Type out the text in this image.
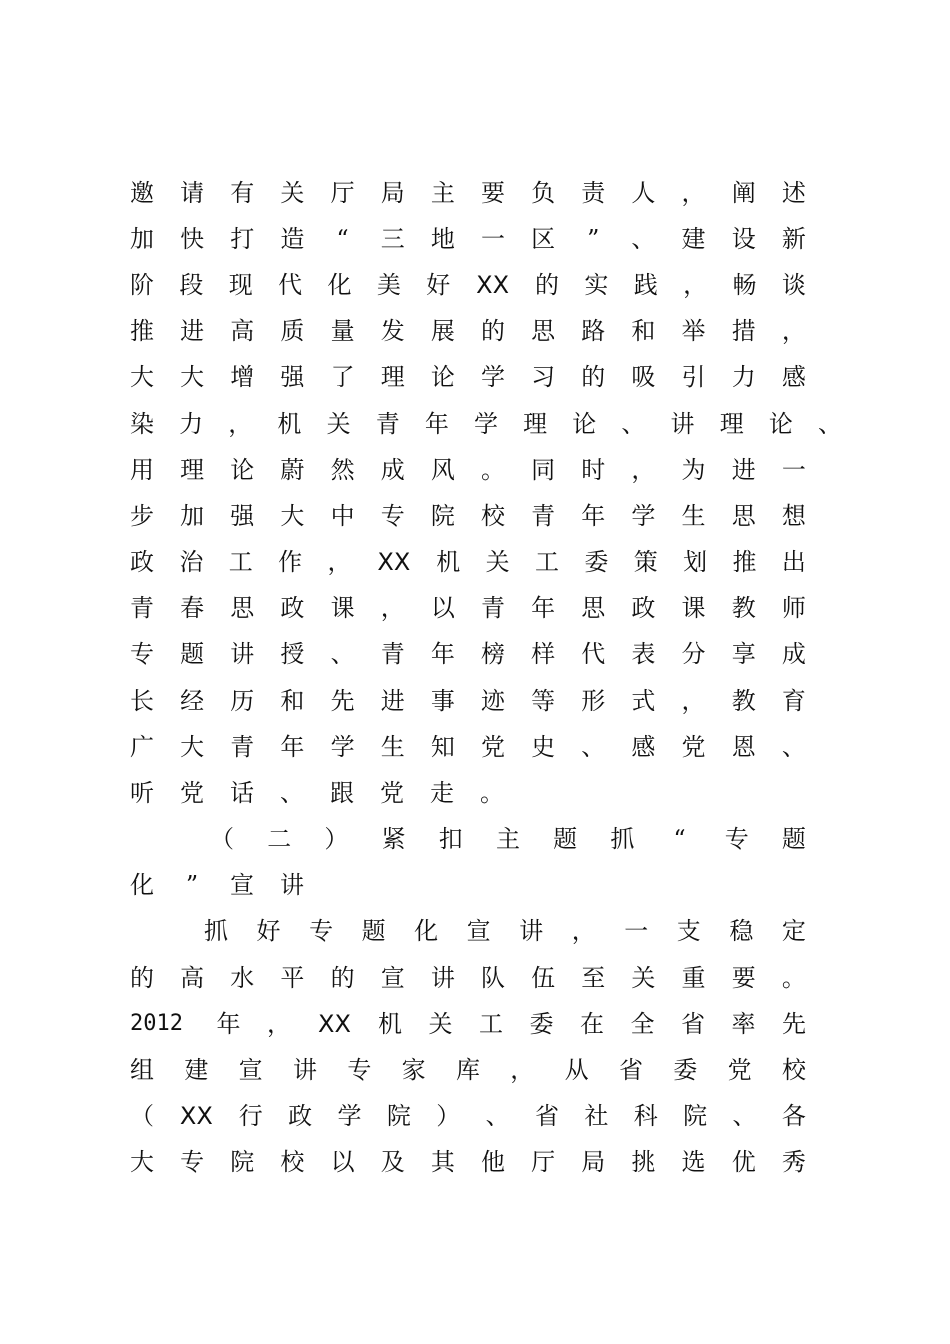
邀 请 有 关 厅 局 主 要 负 责 人 ， 阐 述
加 快 打 造 “ 三 地 一 区 ” 、 建 设 新
阶 段 现 代 化 美 好 XX 的 实 践 ， 畅 谈
推 进 高 质 量 发 展 的 思 路 和 举 措 ，
大 大 增 强 了 理 论 学 习 的 吸 引 力 感
染 力 ， 机 关 青 年 学 理 论 、 讲 理 论 、
用 理 论 蔚 然 成 风 。 同 时 ， 为 进 一
步 加 强 大 中 专 院 校 青 年 学 生 思 想
政 治 工 作 ， XX 机 关 工 委 策 划 推 出
青 春 思 政 课 ， 以 青 年 思 政 课 教 师
专 题 讲 授 、 青 年 榜 样 代 表 分 享 成
长 经 历 和 先 进 事 迹 等 形 式 ， 教 育
广 大 青 年 学 生 知 党 史 、 感 党 恩 、
听 党 话 、 跟 党 走 。
（ 二 ） 紧 扣 主 题 抓 “ 专 题
化 ” 宣 讲
抓 好 专 题 化 宣 讲 ， 一 支 稳 定
的 高 水 平 的 宣 讲 队 伍 至 关 重 要 。
2012 年 ， XX 机 关 工 委 在 全 省 率 先
组 建 宣 讲 专 家 库 ， 从 省 委 党 校
（ XX 行 政 学 院 ） 、 省 社 科 院 、 各
大 专 院 校 以 及 其 他 厅 局 挑 选 优 秀
